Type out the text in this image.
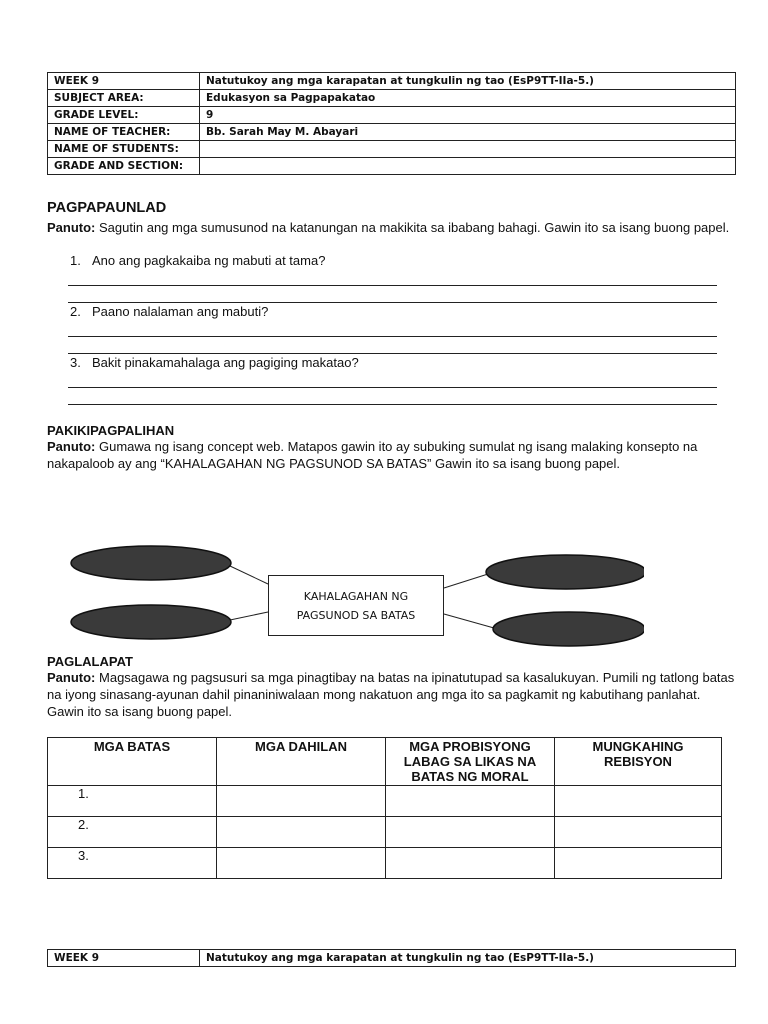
WEEK 9	Natutukoy ang mga karapatan at tungkulin ng tao (EsP9TT-IIa-5.)
SUBJECT AREA:	Edukasyon sa Pagpapakatao
GRADE LEVEL:	9
NAME OF TEACHER:	Bb. Sarah May M. Abayari
NAME OF STUDENTS:	
GRADE AND SECTION:	
PAGPAPAUNLAD
Panuto: Sagutin ang mga sumusunod na katanungan na makikita sa ibabang bahagi. Gawin ito sa isang buong papel.
1. Ano ang pagkakaiba ng mabuti at tama?
2. Paano nalalaman ang mabuti?
3. Bakit pinakamahalaga ang pagiging makatao?
PAKIKIPAGPALIHAN
Panuto: Gumawa ng isang concept web. Matapos gawin ito ay subuking sumulat ng isang malaking konsepto na nakapaloob ay ang “KAHALAGAHAN NG PAGSUNOD SA BATAS” Gawin ito sa isang buong papel.
KAHALAGAHAN NG PAGSUNOD SA BATAS
PAGLALAPAT
Panuto: Magsagawa ng pagsusuri sa mga pinagtibay na batas na ipinatutupad sa kasalukuyan. Pumili ng tatlong batas na iyong sinasang-ayunan dahil pinaniniwalaan mong nakatuon ang mga ito sa pagkamit ng kabutihang panlahat. Gawin ito sa isang buong papel.
MGA BATAS	MGA DAHILAN	MGA PROBISYONG LABAG SA LIKAS NA BATAS NG MORAL	MUNGKAHING REBISYON
1.			
2.			
3.			
WEEK 9	Natutukoy ang mga karapatan at tungkulin ng tao (EsP9TT-IIa-5.)
